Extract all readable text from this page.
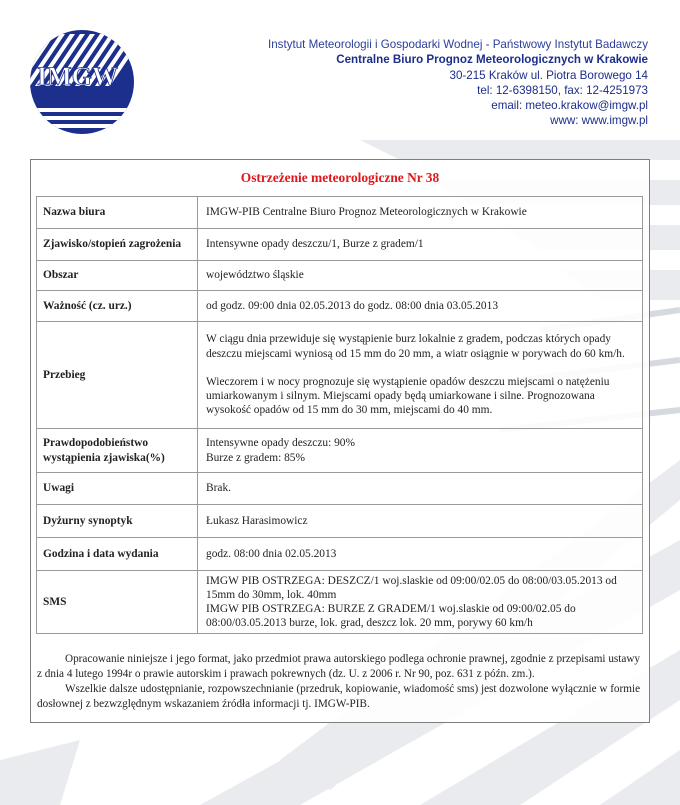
IMGW
Instytut Meteorologii i Gospodarki Wodnej - Państwowy Instytut Badawczy
Centralne Biuro Prognoz Meteorologicznych w Krakowie
30-215 Kraków ul. Piotra Borowego 14
tel: 12-6398150, fax: 12-4251973
email: meteo.krakow@imgw.pl
www: www.imgw.pl
Ostrzeżenie meteorologiczne Nr 38
Nazwa biura	IMGW-PIB Centralne Biuro Prognoz Meteorologicznych w Krakowie
Zjawisko/stopień zagrożenia	Intensywne opady deszczu/1, Burze z gradem/1
Obszar	województwo śląskie
Ważność (cz. urz.)	od godz. 09:00 dnia 02.05.2013 do godz. 08:00 dnia 03.05.2013
Przebieg	W ciągu dnia przewiduje się wystąpienie burz lokalnie z gradem, podczas których opady deszczu miejscami wyniosą od 15 mm do 20 mm, a wiatr osiągnie w porywach do 60 km/h.
Wieczorem i w nocy prognozuje się wystąpienie opadów deszczu miejscami o natężeniu umiarkowanym i silnym. Miejscami opady będą umiarkowane i silne. Prognozowana wysokość opadów od 15 mm do 30 mm, miejscami do 40 mm.

Prawdopodobieństwo wystąpienia zjawiska(%)	Intensywne opady deszczu: 90%
Burze z gradem: 85%

Uwagi	Brak.
Dyżurny synoptyk	Łukasz Harasimowicz
Godzina i data wydania	godz. 08:00 dnia 02.05.2013
SMS	IMGW PIB OSTRZEGA: DESZCZ/1 woj.slaskie od 09:00/02.05 do 08:00/03.05.2013 od 15mm do 30mm, lok. 40mm
IMGW PIB OSTRZEGA: BURZE Z GRADEM/1 woj.slaskie od 09:00/02.05 do 08:00/03.05.2013 burze, lok. grad, deszcz lok. 20 mm, porywy 60 km/h

Opracowanie niniejsze i jego format, jako przedmiot prawa autorskiego podlega ochronie prawnej, zgodnie z przepisami ustawy z dnia 4 lutego 1994r o prawie autorskim i prawach pokrewnych (dz. U. z 2006 r. Nr 90, poz. 631 z późn. zm.).

Wszelkie dalsze udostępnianie, rozpowszechnianie (przedruk, kopiowanie, wiadomość sms) jest dozwolone wyłącznie w formie dosłownej z bezwzględnym wskazaniem źródła informacji tj. IMGW-PIB.
